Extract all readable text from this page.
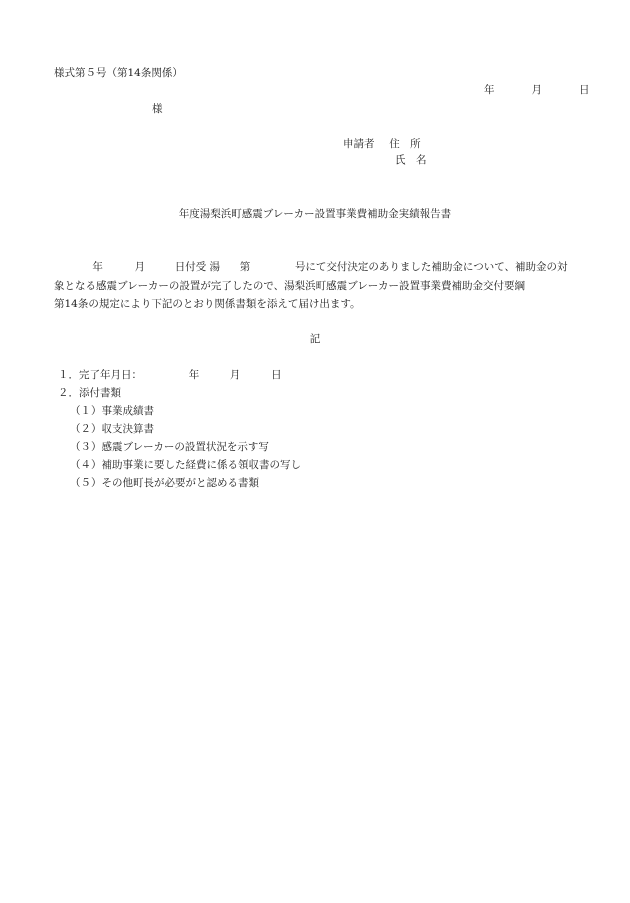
様式第５号（第14条関係）
年	月	日
様
申請者 住　所
氏　名
年度湯梨浜町感震ブレーカー設置事業費補助金実績報告書
年	月	日付受 湯 第	号にて交付決定のありました補助金について、補助金の対
象となる感震ブレーカーの設置が完了したので、湯梨浜町感震ブレーカー設置事業費補助金交付要綱
第14条の規定により下記のとおり関係書類を添えて届け出ます。
記
１．完了年月日：	年	月	日
２．添付書類
（１）事業成績書
（２）収支決算書
（３）感震ブレーカーの設置状況を示す写
（４）補助事業に要した経費に係る領収書の写し
（５）その他町長が必要がと認める書類
